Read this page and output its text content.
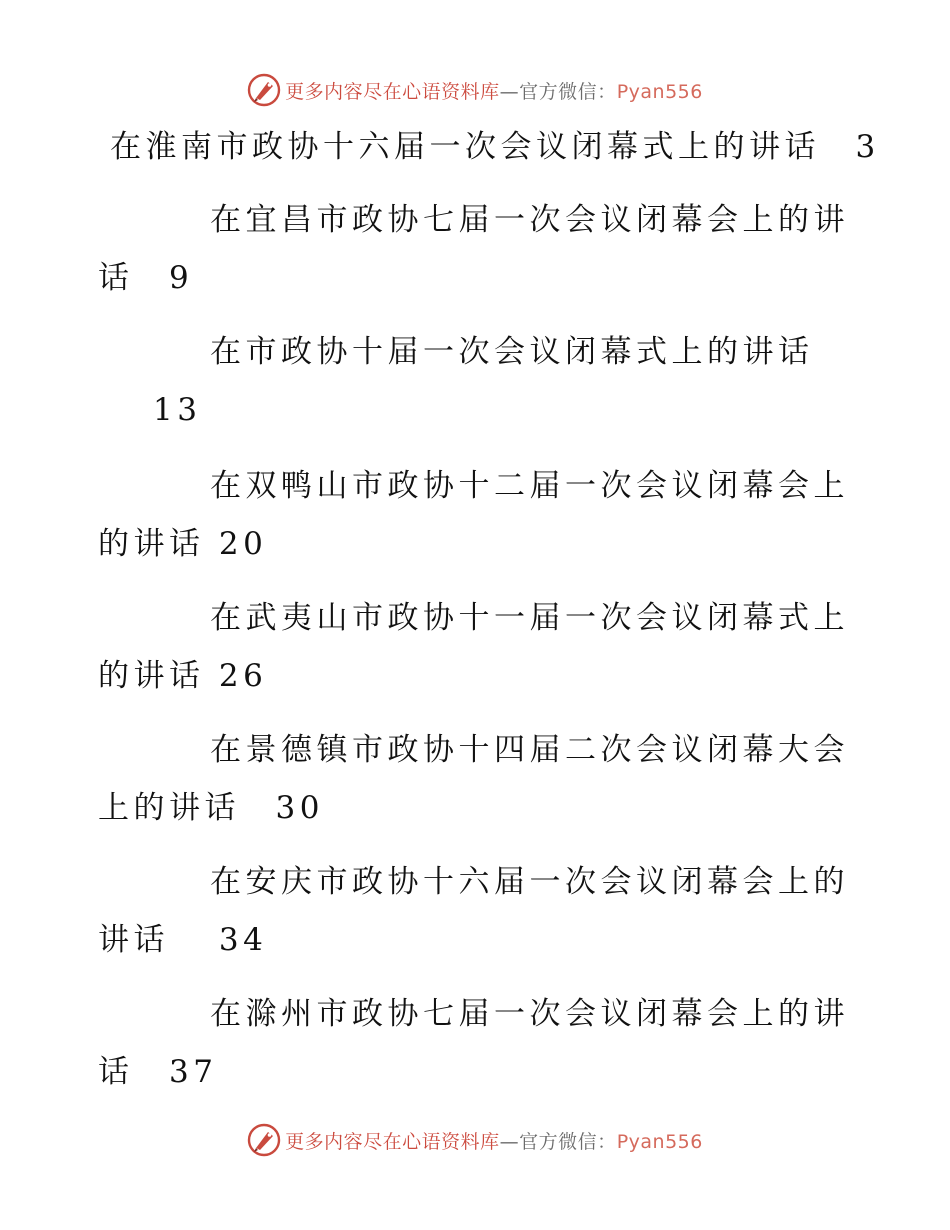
更多内容尽在心语资料库—官方微信：Pyan556
在淮南市政协十六届一次会议闭幕式上的讲话　3
在宜昌市政协七届一次会议闭幕会上的讲
话　9
在市政协十届一次会议闭幕式上的讲话
13
在双鸭山市政协十二届一次会议闭幕会上
的讲话 20
在武夷山市政协十一届一次会议闭幕式上
的讲话 26
在景德镇市政协十四届二次会议闭幕大会
上的讲话　30
在安庆市政协十六届一次会议闭幕会上的
讲话　 34
在滁州市政协七届一次会议闭幕会上的讲
话　37
更多内容尽在心语资料库—官方微信：Pyan556
